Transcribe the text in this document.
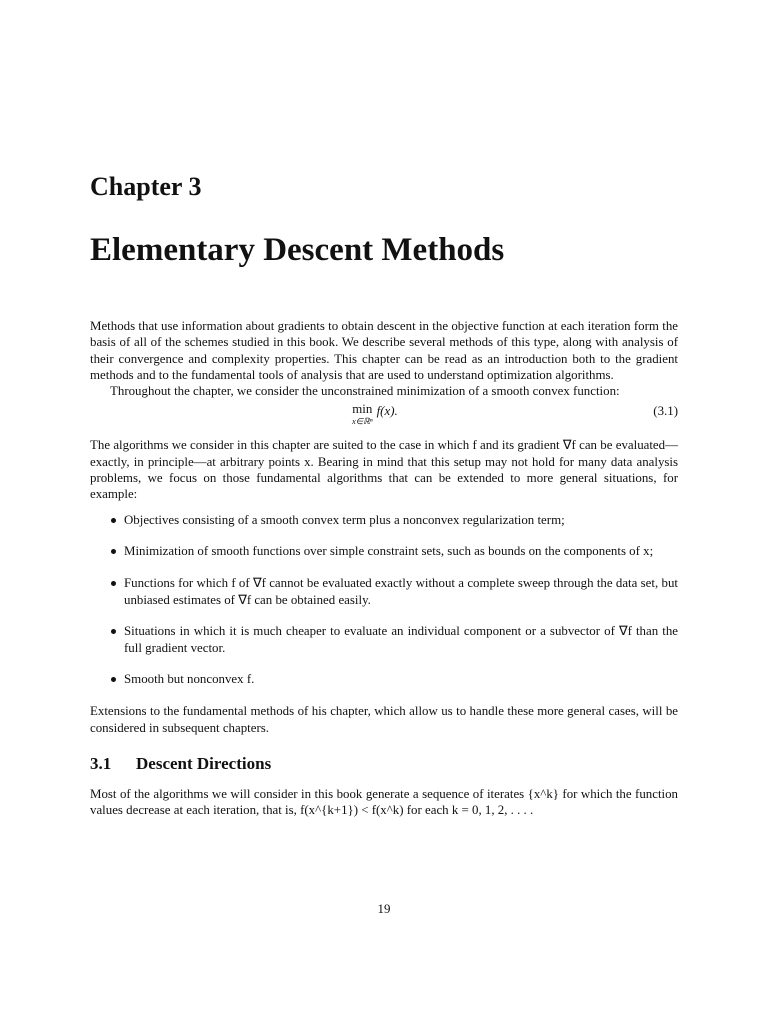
Chapter 3
Elementary Descent Methods

Methods that use information about gradients to obtain descent in the objective function at each iteration form the basis of all of the schemes studied in this book. We describe several methods of this type, along with analysis of their convergence and complexity properties. This chapter can be read as an introduction both to the gradient methods and to the fundamental tools of analysis that are used to understand optimization algorithms.

Throughout the chapter, we consider the unconstrained minimization of a smooth convex function:

min
x∈ℝⁿ
f(x).	(3.1)

The algorithms we consider in this chapter are suited to the case in which f and its gradient ∇f can be evaluated—exactly, in principle—at arbitrary points x. Bearing in mind that this setup may not hold for many data analysis problems, we focus on those fundamental algorithms that can be extended to more general situations, for example:

Objectives consisting of a smooth convex term plus a nonconvex regularization term;
Minimization of smooth functions over simple constraint sets, such as bounds on the components of x;
Functions for which f of ∇f cannot be evaluated exactly without a complete sweep through the data set, but unbiased estimates of ∇f can be obtained easily.
Situations in which it is much cheaper to evaluate an individual component or a subvector of ∇f than the full gradient vector.
Smooth but nonconvex f.

Extensions to the fundamental methods of his chapter, which allow us to handle these more general cases, will be considered in subsequent chapters.

3.1 Descent Directions

Most of the algorithms we will consider in this book generate a sequence of iterates {x^k} for which the function values decrease at each iteration, that is, f(x^{k+1}) < f(x^k) for each k = 0, 1, 2, . . . .

19
